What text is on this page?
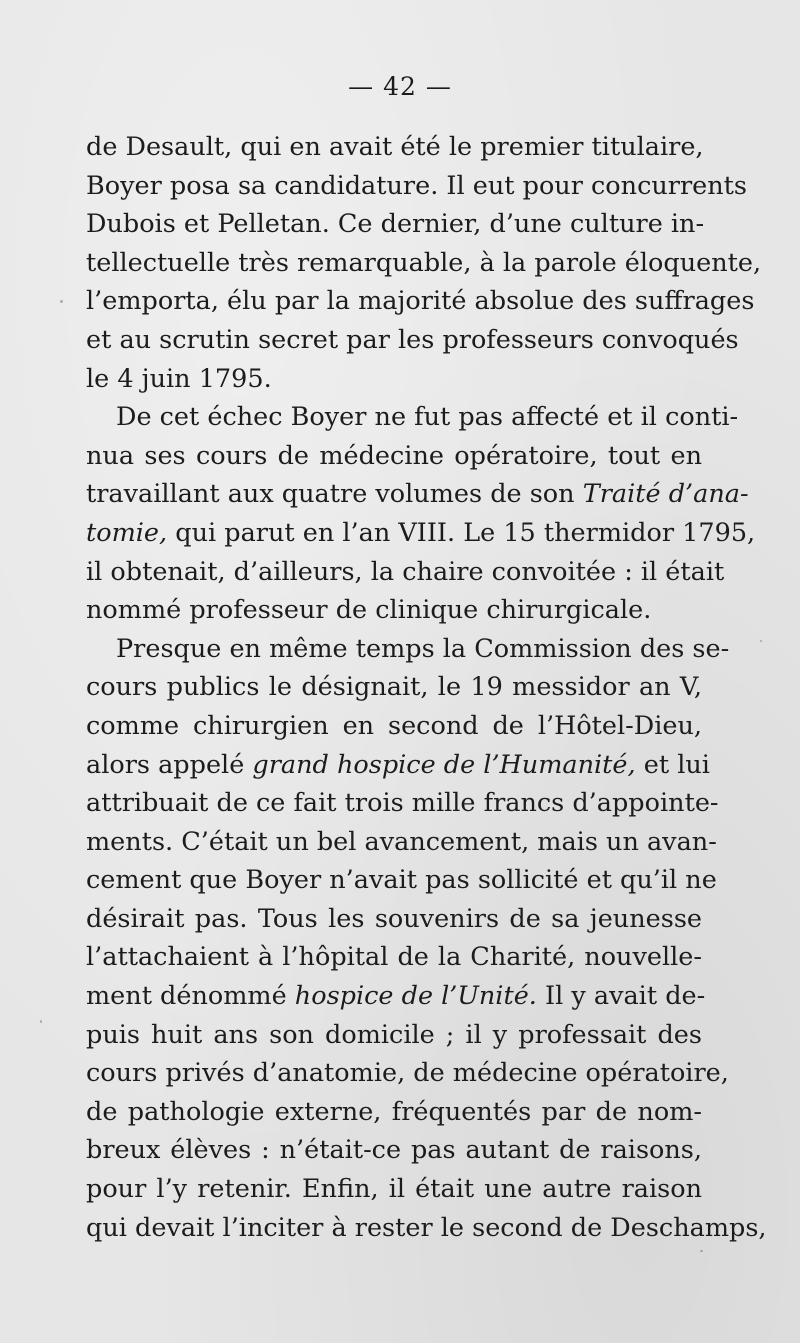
— 42 —
de Desault, qui en avait été le premier titulaire,
Boyer posa sa candidature. Il eut pour concurrents
Dubois et Pelletan. Ce dernier, d’une culture in-
tellectuelle très remarquable, à la parole éloquente,
l’emporta, élu par la majorité absolue des suffrages
et au scrutin secret par les professeurs convoqués
le 4 juin 1795.
De cet échec Boyer ne fut pas affecté et il conti-
nua ses cours de médecine opératoire, tout en
travaillant aux quatre volumes de son Traité d’ana-
tomie, qui parut en l’an VIII. Le 15 thermidor 1795,
il obtenait, d’ailleurs, la chaire convoitée : il était
nommé professeur de clinique chirurgicale.
Presque en même temps la Commission des se-
cours publics le désignait, le 19 messidor an V,
comme chirurgien en second de l’Hôtel-Dieu,
alors appelé grand hospice de l’Humanité, et lui
attribuait de ce fait trois mille francs d’appointe-
ments. C’était un bel avancement, mais un avan-
cement que Boyer n’avait pas sollicité et qu’il ne
désirait pas. Tous les souvenirs de sa jeunesse
l’attachaient à l’hôpital de la Charité, nouvelle-
ment dénommé hospice de l’Unité. Il y avait de-
puis huit ans son domicile ; il y professait des
cours privés d’anatomie, de médecine opératoire,
de pathologie externe, fréquentés par de nom-
breux élèves : n’était-ce pas autant de raisons,
pour l’y retenir. Enfin, il était une autre raison
qui devait l’inciter à rester le second de Deschamps,
